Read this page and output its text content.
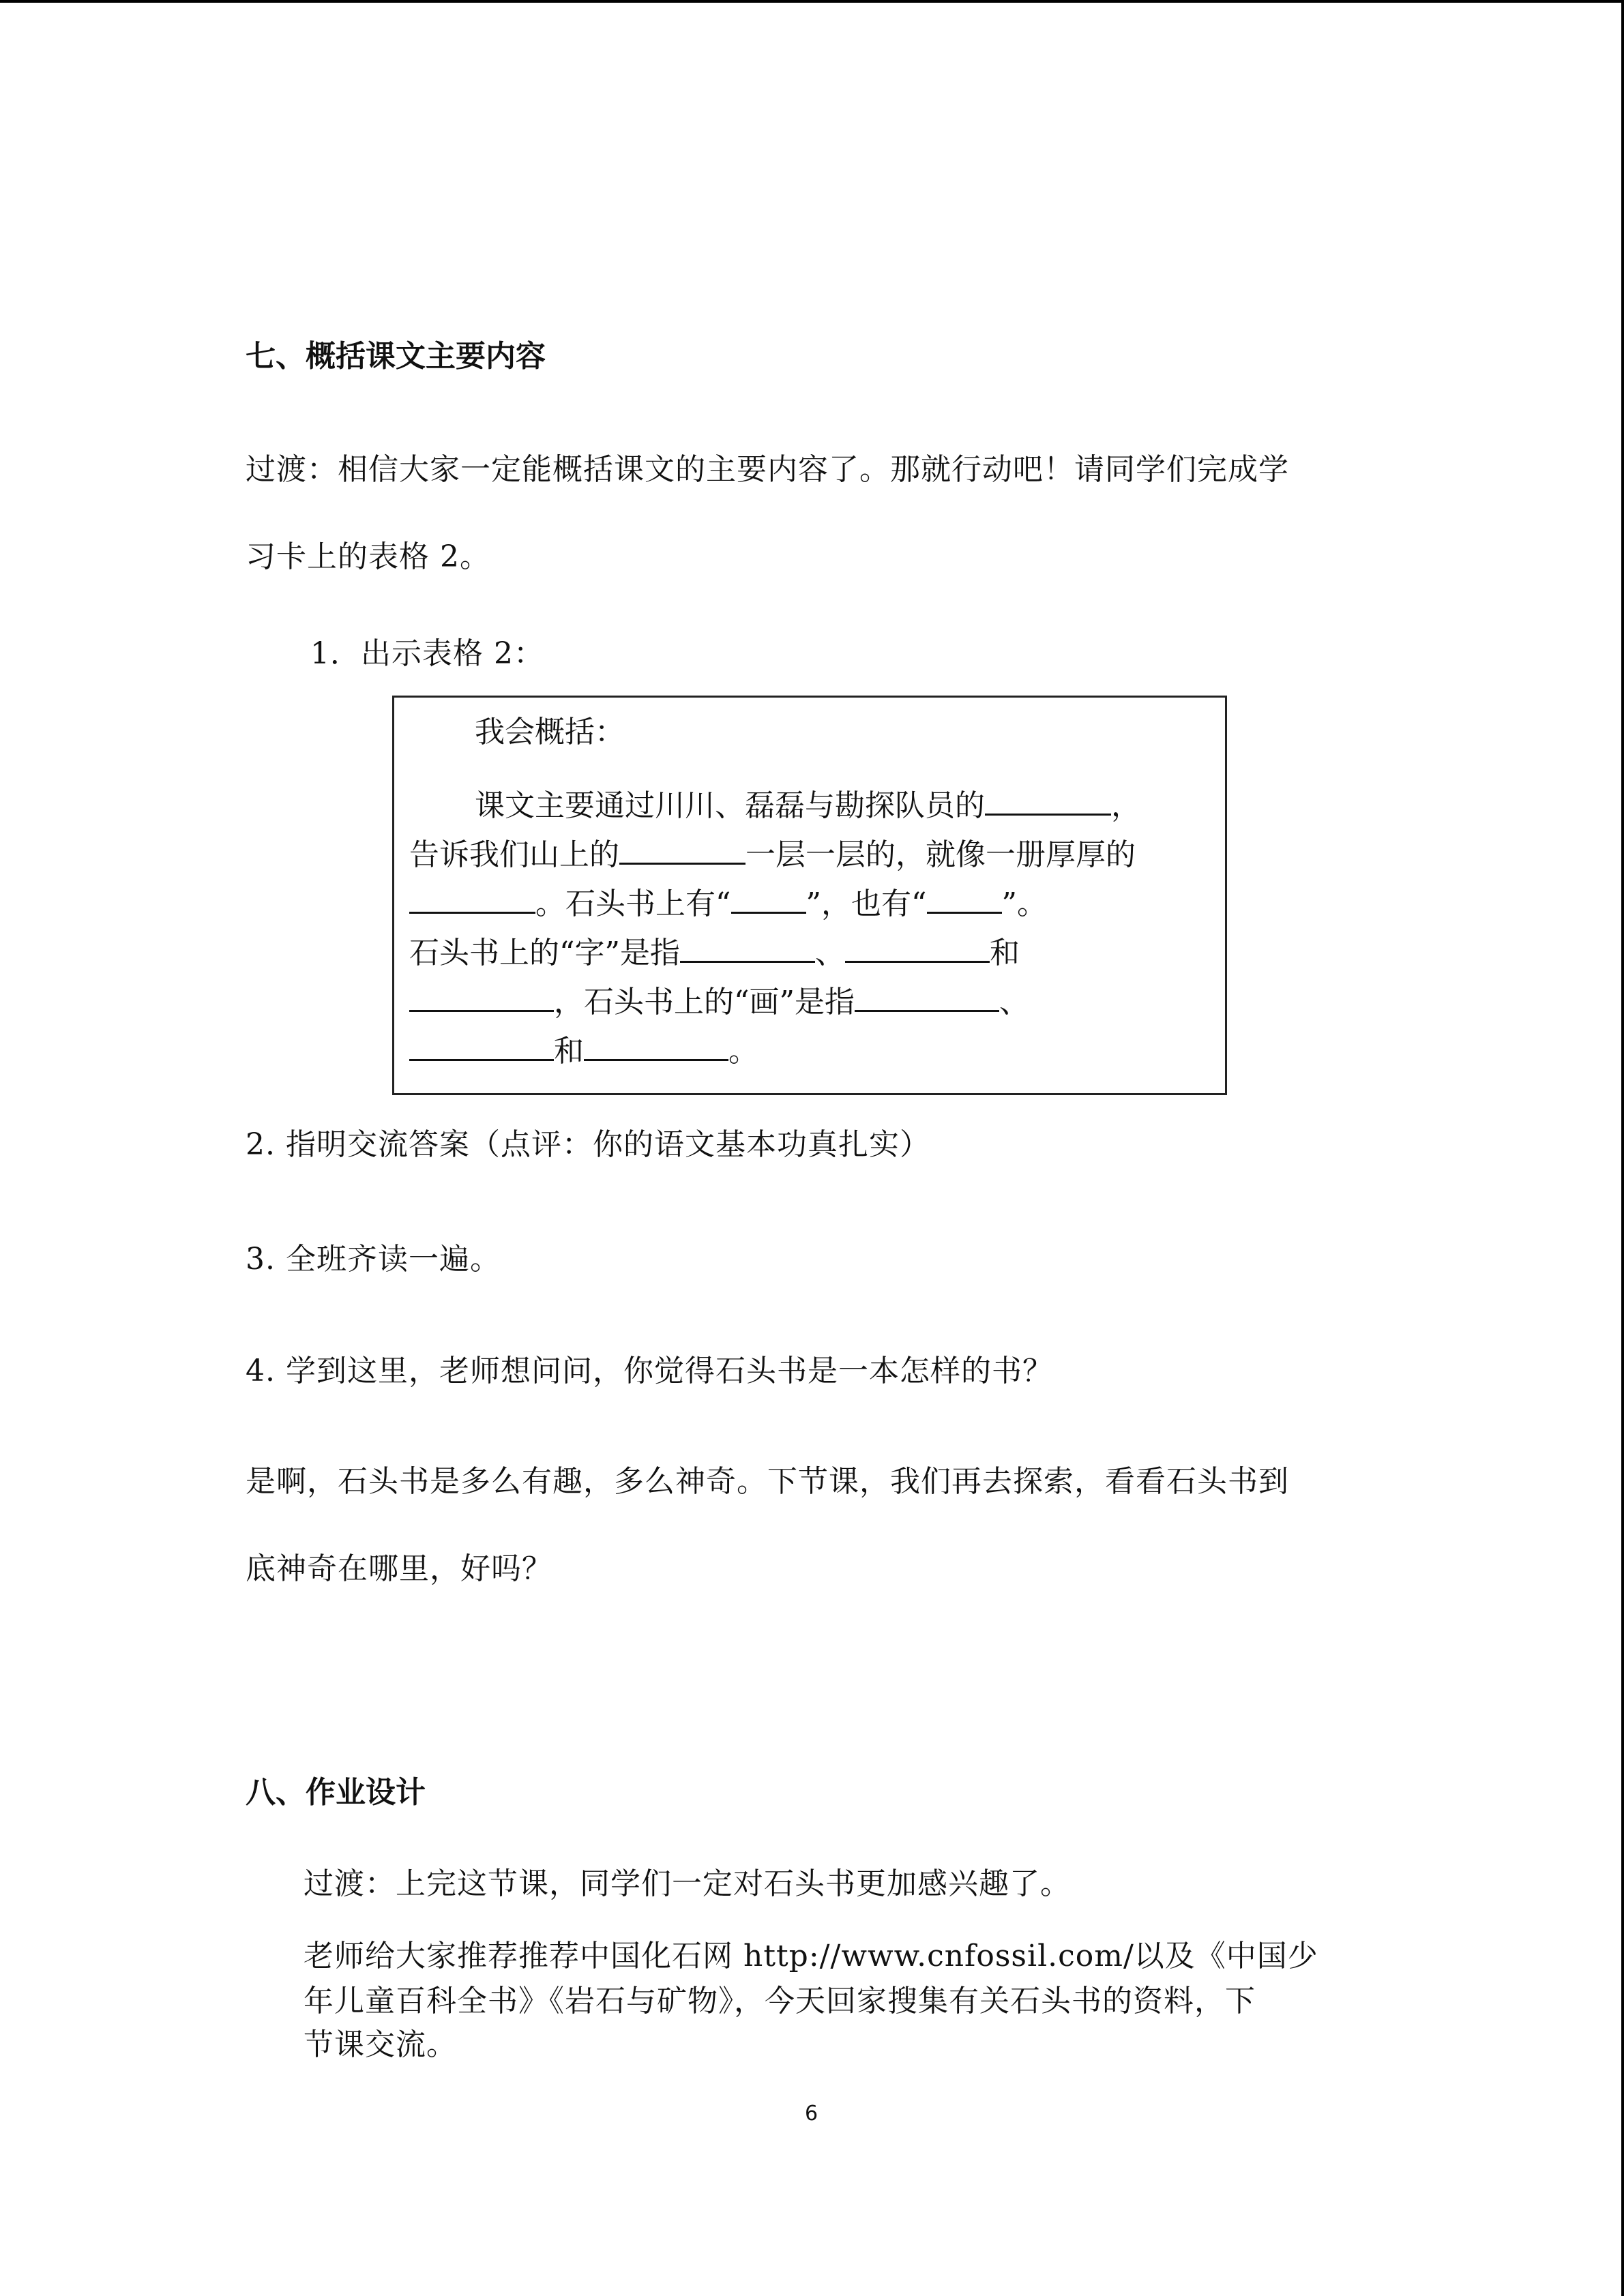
七、概括课文主要内容
过渡：相信大家一定能概括课文的主要内容了。那就行动吧！请同学们完成学
习卡上的表格 2。
1．出示表格 2：
我会概括：
课文主要通过川川、磊磊与勘探队员的	，
告诉我们山上的	一层一层的，就像一册厚厚的
。石头书上有“	”，也有“	”。
石头书上的“字”是指	、	和
，石头书上的“画”是指	、
和	。
2. 指明交流答案（点评：你的语文基本功真扎实）
3. 全班齐读一遍。
4. 学到这里，老师想问问，你觉得石头书是一本怎样的书？
是啊，石头书是多么有趣，多么神奇。下节课，我们再去探索，看看石头书到
底神奇在哪里，好吗？
八、作业设计
过渡：上完这节课，同学们一定对石头书更加感兴趣了。
老师给大家推荐推荐中国化石网 http://www.cnfossil.com/以及《中国少
年儿童百科全书》《岩石与矿物》，今天回家搜集有关石头书的资料，下
节课交流。
6
